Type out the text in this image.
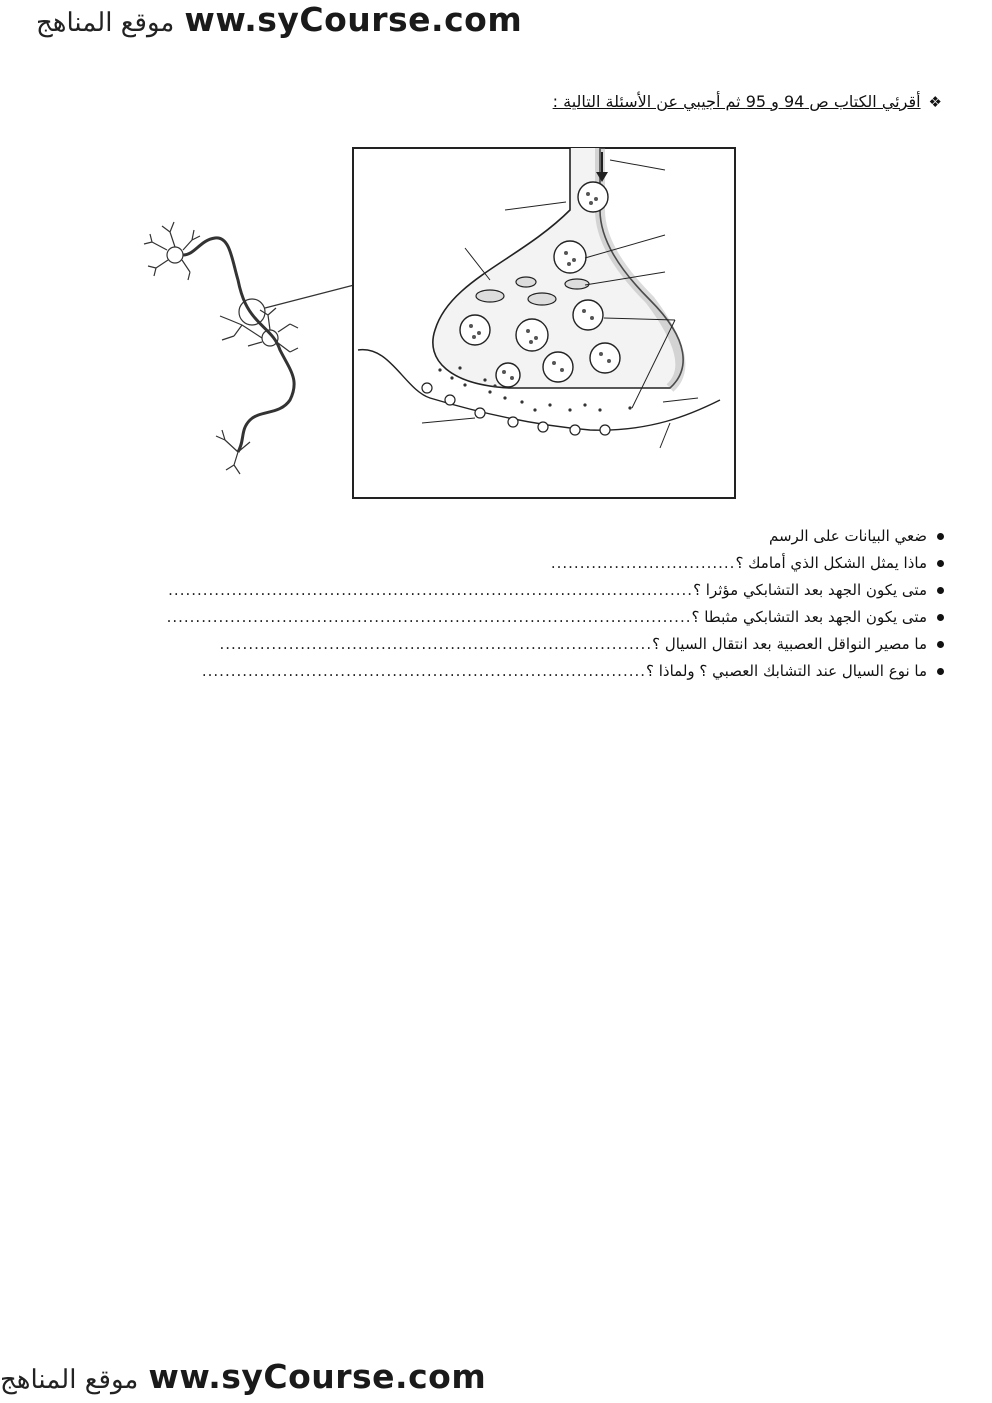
موقع المناهج ww.syCourse.com
❖
أقرئي الكتاب ص 94 و 95 ثم أجيبي عن الأسئلة التالية :
ضعي البيانات على الرسم
ماذا يمثل الشكل الذي أمامك ؟
................................
متى يكون الجهد بعد التشابكي مؤثرا ؟
...........................................................................................
متى يكون الجهد بعد التشابكي مثبطا ؟
...........................................................................................
ما مصير النواقل العصبية بعد انتقال السيال ؟
...........................................................................
ما نوع السيال عند التشابك العصبي ؟ ولماذا ؟
.............................................................................
موقع المناهج ww.syCourse.com
